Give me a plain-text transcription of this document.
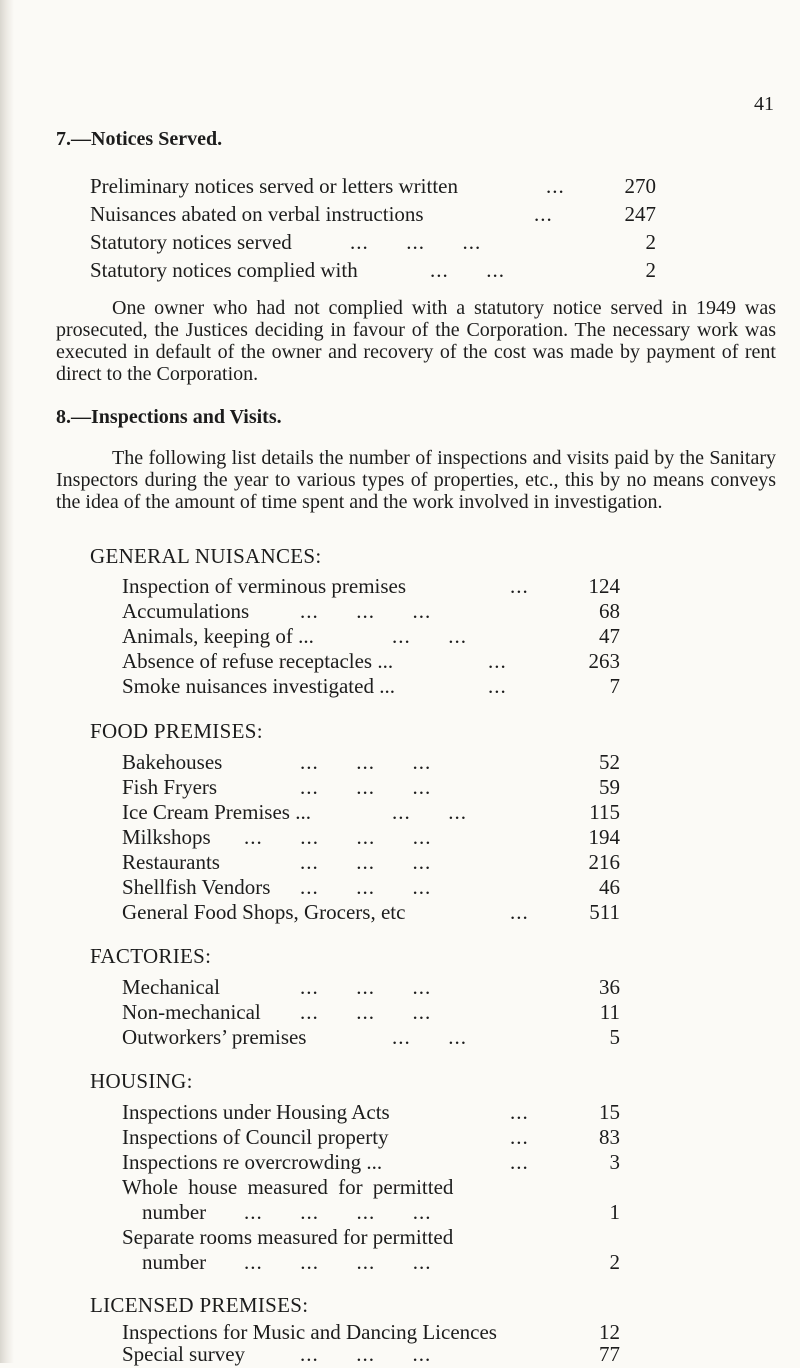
41
7.—Notices Served.
Preliminary notices served or letters written	...	270
Nuisances abated on verbal instructions	...	247
Statutory notices served	...      ...      ...	2
Statutory notices complied with	...      ...	2

One owner who had not complied with a statutory notice served in 1949 was prosecuted, the Justices deciding in favour of the Corporation. The necessary work was executed in default of the owner and recovery of the cost was made by payment of rent direct to the Corporation.

8.—Inspections and Visits.

The following list details the number of inspections and visits paid by the Sanitary Inspectors during the year to various types of properties, etc., this by no means conveys the idea of the amount of time spent and the work involved in investigation.

GENERAL NUISANCES:
Inspection of verminous premises	...	124
Accumulations ...      ...      ...	68
Animals, keeping of ...	...      ...	47
Absence of refuse receptacles ...	...	263
Smoke nuisances investigated ...	...	7
FOOD PREMISES:
Bakehouses	...      ...      ...	52
Fish Fryers	...      ...      ...	59
Ice Cream Premises ...	...      ...	115
Milkshops ...      ...      ...      ...	194
Restaurants	...      ...      ...	216
Shellfish Vendors ...      ...      ...	46
General Food Shops, Grocers, etc	...	511
FACTORIES:
Mechanical	...      ...      ...	36
Non-mechanical ...      ...      ...	11
Outworkers’ premises	...      ...	5
HOUSING:
Inspections under Housing Acts	...	15
Inspections of Council property	...	83
Inspections re overcrowding ...	...	3
Whole house measured for permitted
number ...      ...      ...      ...	1
Separate rooms measured for permitted
number ...      ...      ...      ...	2
LICENSED PREMISES:
Inspections for Music and Dancing Licences	12
Special survey	...      ...      ...	77
